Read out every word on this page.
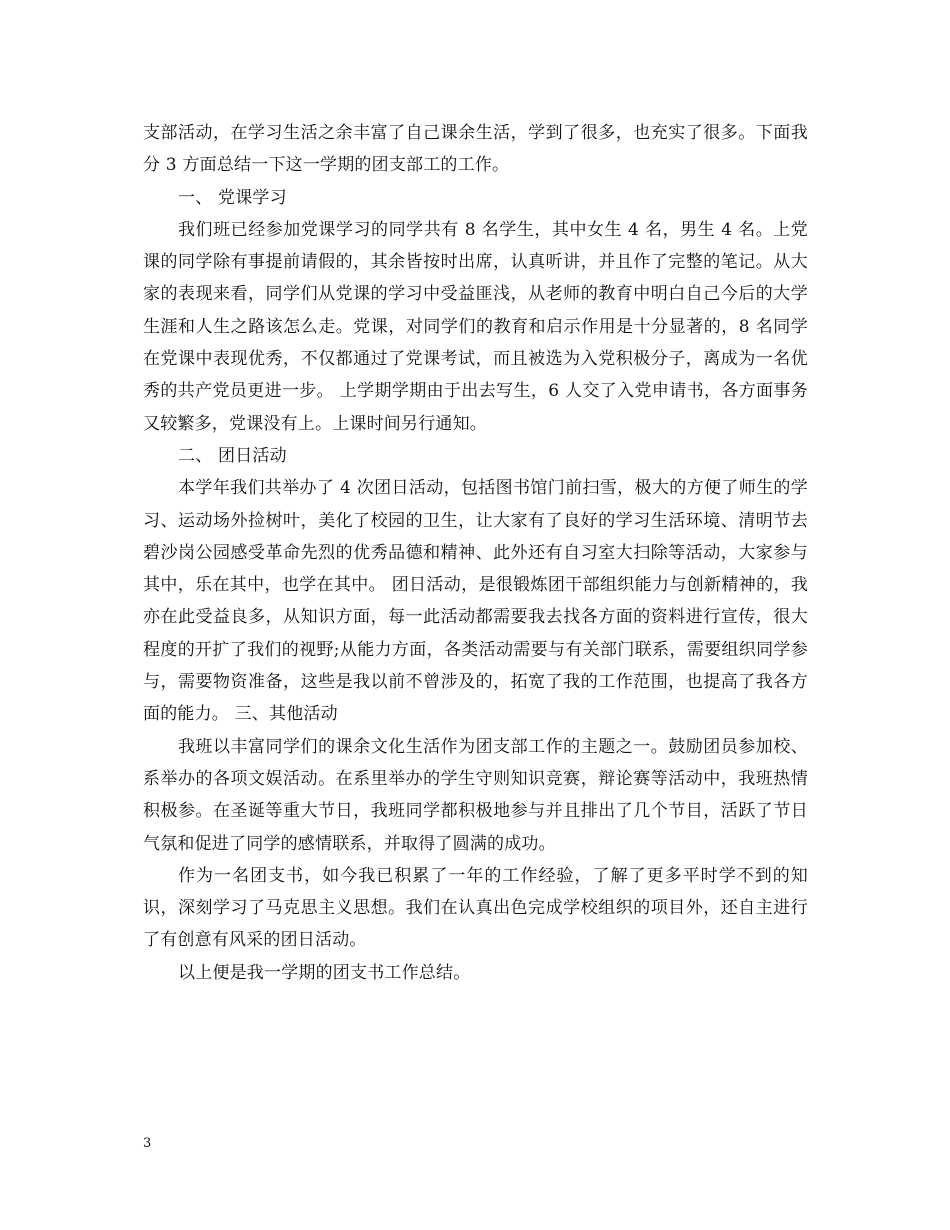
支部活动，在学习生活之余丰富了自己课余生活，学到了很多，也充实了很多。下面我分 3 方面总结一下这一学期的团支部工的工作。

一、 党课学习

我们班已经参加党课学习的同学共有 8 名学生，其中女生 4 名，男生 4 名。上党课的同学除有事提前请假的，其余皆按时出席，认真听讲，并且作了完整的笔记。从大家的表现来看，同学们从党课的学习中受益匪浅，从老师的教育中明白自己今后的大学生涯和人生之路该怎么走。党课，对同学们的教育和启示作用是十分显著的，8 名同学在党课中表现优秀，不仅都通过了党课考试，而且被选为入党积极分子，离成为一名优秀的共产党员更进一步。 上学期学期由于出去写生，6 人交了入党申请书，各方面事务又较繁多，党课没有上。上课时间另行通知。

二、 团日活动

本学年我们共举办了 4 次团日活动，包括图书馆门前扫雪，极大的方便了师生的学习、运动场外捡树叶，美化了校园的卫生，让大家有了良好的学习生活环境、清明节去碧沙岗公园感受革命先烈的优秀品德和精神、此外还有自习室大扫除等活动，大家参与其中，乐在其中，也学在其中。 团日活动，是很锻炼团干部组织能力与创新精神的，我亦在此受益良多，从知识方面，每一此活动都需要我去找各方面的资料进行宣传，很大程度的开扩了我们的视野;从能力方面，各类活动需要与有关部门联系，需要组织同学参与，需要物资准备，这些是我以前不曾涉及的，拓宽了我的工作范围，也提高了我各方面的能力。 三、其他活动

我班以丰富同学们的课余文化生活作为团支部工作的主题之一。鼓励团员参加校、系举办的各项文娱活动。在系里举办的学生守则知识竞赛，辩论赛等活动中，我班热情积极参。在圣诞等重大节日，我班同学都积极地参与并且排出了几个节目，活跃了节日气氛和促进了同学的感情联系，并取得了圆满的成功。

作为一名团支书，如今我已积累了一年的工作经验，了解了更多平时学不到的知识，深刻学习了马克思主义思想。我们在认真出色完成学校组织的项目外，还自主进行了有创意有风采的团日活动。

以上便是我一学期的团支书工作总结。

3
